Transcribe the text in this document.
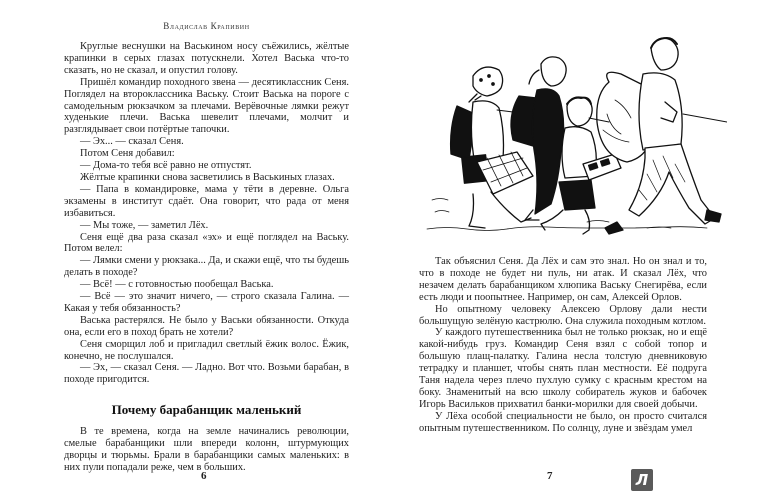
Владислав Крапивин

Круглые веснушки на Васькином носу съёжились, жёлтые крапинки в серых глазах потускнели. Хотел Васька что-то сказать, но не сказал, и опустил голову.

Пришёл командир походного звена — десятиклассник Сеня. Поглядел на второклассника Ваську. Стоит Васька на пороге с самодельным рюкзачком за плечами. Верёвочные лямки режут худенькие плечи. Васька шевелит плечами, молчит и разглядывает свои потёртые тапочки.

— Эх... — сказал Сеня.

Потом Сеня добавил:

— Дома-то тебя всё равно не отпустят.

Жёлтые крапинки снова засветились в Васькиных глазах.

— Папа в командировке, мама у тёти в деревне. Ольга экзамены в институт сдаёт. Она говорит, что рада от меня избавиться.

— Мы тоже, — заметил Лёх.

Сеня ещё два раза сказал «эх» и ещё поглядел на Ваську. Потом велел:

— Лямки смени у рюкзака... Да, и скажи ещё, что ты будешь делать в походе?

— Всё! — с готовностью пообещал Васька.

— Всё — это значит ничего, — строго сказала Галина. — Какая у тебя обязанность?

Васька растерялся. Не было у Васьки обязанности. Откуда она, если его в поход брать не хотели?

Сеня сморщил лоб и пригладил светлый ёжик волос. Ёжик, конечно, не послушался.

— Эх, — сказал Сеня. — Ладно. Вот что. Возьми барабан, в походе пригодится.

Почему барабанщик маленький

В те времена, когда на земле начинались революции, смелые барабанщики шли впереди колонн, штурмующих дворцы и тюрьмы. Брали в барабанщики самых маленьких: в них пули попадали реже, чем в больших.

6

Так объяснил Сеня. Да Лёх и сам это знал. Но он знал и то, что в походе не будет ни пуль, ни атак. И сказал Лёх, что незачем делать барабанщиком хлюпика Ваську Снегирёва, если есть люди и поопытнее. Например, он сам, Алексей Орлов.

Но опытному человеку Алексею Орлову дали нести большущую зелёную кастрюлю. Она служила походным котлом.

У каждого путешественника был не только рюкзак, но и ещё какой-нибудь груз. Командир Сеня взял с собой топор и большую плащ-палатку. Галина несла толстую дневниковую тетрадку и планшет, чтобы снять план местности. Её подруга Таня надела через плечо пухлую сумку с красным крестом на боку. Знаменитый на всю школу собиратель жуков и бабочек Игорь Васильков прихватил банки-морилки для своей добычи.

У Лёха особой специальности не было, он просто считался опытным путешественником. По солнцу, луне и звёздам умел

7	Л
